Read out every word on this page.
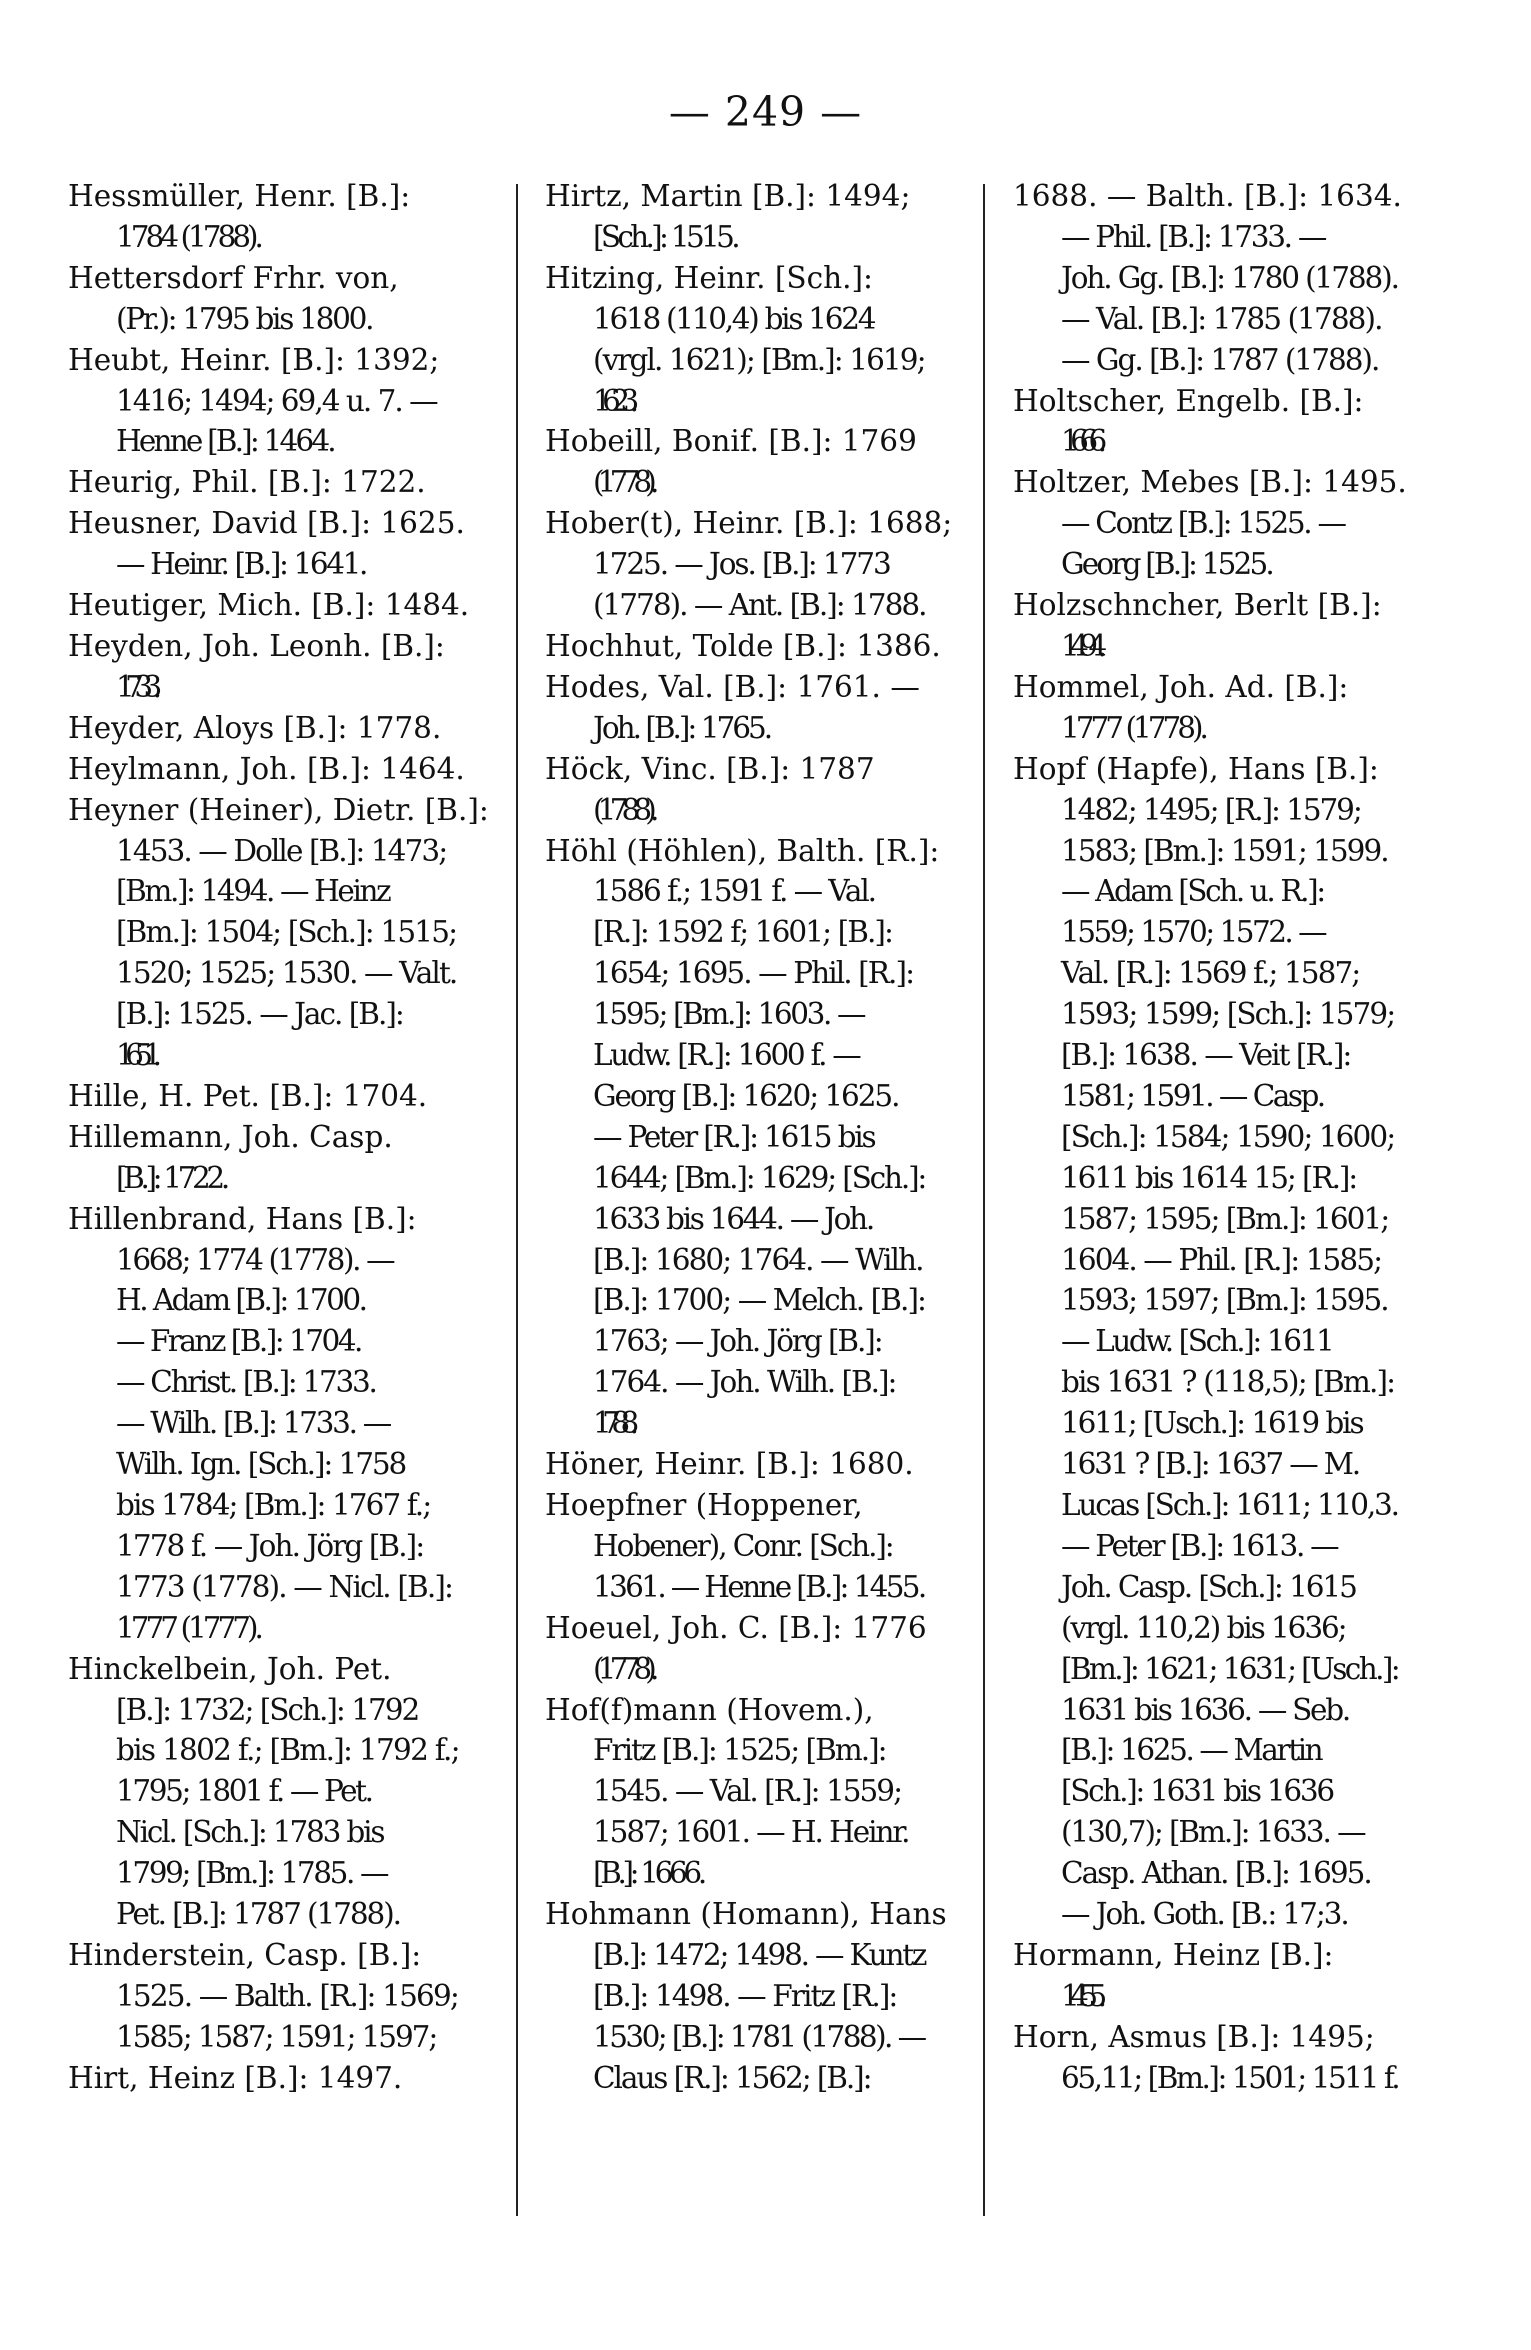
— 249 —

Hessmüller, Henr. [B.]:
1784 (1788).

Hettersdorf Frhr. von,
(Pr.): 1795 bis 1800.

Heubt, Heinr. [B.]: 1392;
1416; 1494; 69,4 u. 7. —
Henne [B.]: 1464.

Heurig, Phil. [B.]: 1722.

Heusner, David [B.]: 1625.
— Heinr. [B.]: 1641.

Heutiger, Mich. [B.]: 1484.

Heyden, Joh. Leonh. [B.]:
1733.

Heyder, Aloys [B.]: 1778.

Heylmann, Joh. [B.]: 1464.

Heyner (Heiner), Dietr. [B.]:
1453. — Dolle [B.]: 1473;
[Bm.]: 1494. — Heinz
[Bm.]: 1504; [Sch.]: 1515;
1520; 1525; 1530. — Valt.
[B.]: 1525. — Jac. [B.]:
1651.

Hille, H. Pet. [B.]: 1704.

Hillemann, Joh. Casp.
[B.]: 1722.

Hillenbrand, Hans [B.]:
1668; 1774 (1778). —
H. Adam [B.]: 1700.
— Franz [B.]: 1704.
— Christ. [B.]: 1733.
— Wilh. [B.]: 1733. —
Wilh. Ign. [Sch.]: 1758
bis 1784; [Bm.]: 1767 f.;
1778 f. — Joh. Jörg [B.]:
1773 (1778). — Nicl. [B.]:
1777 (1777).

Hinckelbein, Joh. Pet.
[B.]: 1732; [Sch.]: 1792
bis 1802 f.; [Bm.]: 1792 f.;
1795; 1801 f. — Pet.
Nicl. [Sch.]: 1783 bis
1799; [Bm.]: 1785. —
Pet. [B.]: 1787 (1788).

Hinderstein, Casp. [B.]:
1525. — Balth. [R.]: 1569;
1585; 1587; 1591; 1597;

Hirt, Heinz [B.]: 1497.

Hirtz, Martin [B.]: 1494;
[Sch.]: 1515.

Hitzing, Heinr. [Sch.]:
1618 (110,4) bis 1624
(vrgl. 1621); [Bm.]: 1619;
1623.

Hobeill, Bonif. [B.]: 1769
(1778).

Hober(t), Heinr. [B.]: 1688;
1725. — Jos. [B.]: 1773
(1778). — Ant. [B.]: 1788.

Hochhut, Tolde [B.]: 1386.

Hodes, Val. [B.]: 1761. —
Joh. [B.]: 1765.

Höck, Vinc. [B.]: 1787
(1788).

Höhl (Höhlen), Balth. [R.]:
1586 f.; 1591 f. — Val.
[R.]: 1592 f; 1601; [B.]:
1654; 1695. — Phil. [R.]:
1595; [Bm.]: 1603. —
Ludw. [R.]: 1600 f. —
Georg [B.]: 1620; 1625.
— Peter [R.]: 1615 bis
1644; [Bm.]: 1629; [Sch.]:
1633 bis 1644. — Joh.
[B.]: 1680; 1764. — Wilh.
[B.]: 1700; — Melch. [B.]:
1763; — Joh. Jörg [B.]:
1764. — Joh. Wilh. [B.]:
1788.

Höner, Heinr. [B.]: 1680.

Hoepfner (Hoppener,
Hobener), Conr. [Sch.]:
1361. — Henne [B.]: 1455.

Hoeuel, Joh. C. [B.]: 1776
(1778).

Hof(f)mann (Hovem.),
Fritz [B.]: 1525; [Bm.]:
1545. — Val. [R.]: 1559;
1587; 1601. — H. Heinr.
[B.]: 1666.

Hohmann (Homann), Hans
[B.]: 1472; 1498. — Kuntz
[B.]: 1498. — Fritz [R.]:
1530; [B.]: 1781 (1788). —
Claus [R.]: 1562; [B.]:

1688. — Balth. [B.]: 1634.
— Phil. [B.]: 1733. —
Joh. Gg. [B.]: 1780 (1788).
— Val. [B.]: 1785 (1788).
— Gg. [B.]: 1787 (1788).

Holtscher, Engelb. [B.]:
1666.

Holtzer, Mebes [B.]: 1495.
— Contz [B.]: 1525. —
Georg [B.]: 1525.

Holzschncher, Berlt [B.]:
1494.

Hommel, Joh. Ad. [B.]:
1777 (1778).

Hopf (Hapfe), Hans [B.]:
1482; 1495; [R.]: 1579;
1583; [Bm.]: 1591; 1599.
— Adam [Sch. u. R.]:
1559; 1570; 1572. —
Val. [R.]: 1569 f.; 1587;
1593; 1599; [Sch.]: 1579;
[B.]: 1638. — Veit [R.]:
1581; 1591. — Casp.
[Sch.]: 1584; 1590; 1600;
1611 bis 1614 15; [R.]:
1587; 1595; [Bm.]: 1601;
1604. — Phil. [R.]: 1585;
1593; 1597; [Bm.]: 1595.
— Ludw. [Sch.]: 1611
bis 1631 ? (118,5); [Bm.]:
1611; [Usch.]: 1619 bis
1631 ? [B.]: 1637 — M.
Lucas [Sch.]: 1611; 110,3.
— Peter [B.]: 1613. —
Joh. Casp. [Sch.]: 1615
(vrgl. 110,2) bis 1636;
[Bm.]: 1621; 1631; [Usch.]:
1631 bis 1636. — Seb.
[B.]: 1625. — Martin
[Sch.]: 1631 bis 1636
(130,7); [Bm.]: 1633. —
Casp. Athan. [B.]: 1695.
— Joh. Goth. [B.: 17;3.

Hormann, Heinz [B.]:
1455.

Horn, Asmus [B.]: 1495;
65,11; [Bm.]: 1501; 1511 f.
